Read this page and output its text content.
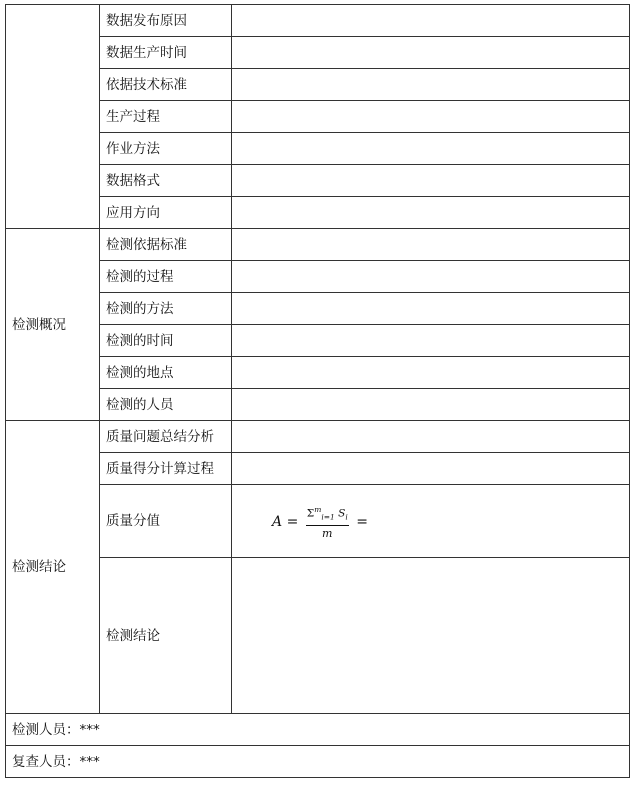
	数据发布原因	
	数据生产时间	
	依据技术标准	
	生产过程	
	作业方法	
	数据格式	
	应用方向	
检测概况	检测依据标准	
	检测的过程	
	检测的方法	
	检测的时间	
	检测的地点	
	检测的人员	
检测结论	质量问题总结分析	
	质量得分计算过程	
	质量分值	$A = \frac{\Sigma^m_{i=1} S_i}{m}$ =
	检测结论	
检测人员：***		
复查人员：***		
